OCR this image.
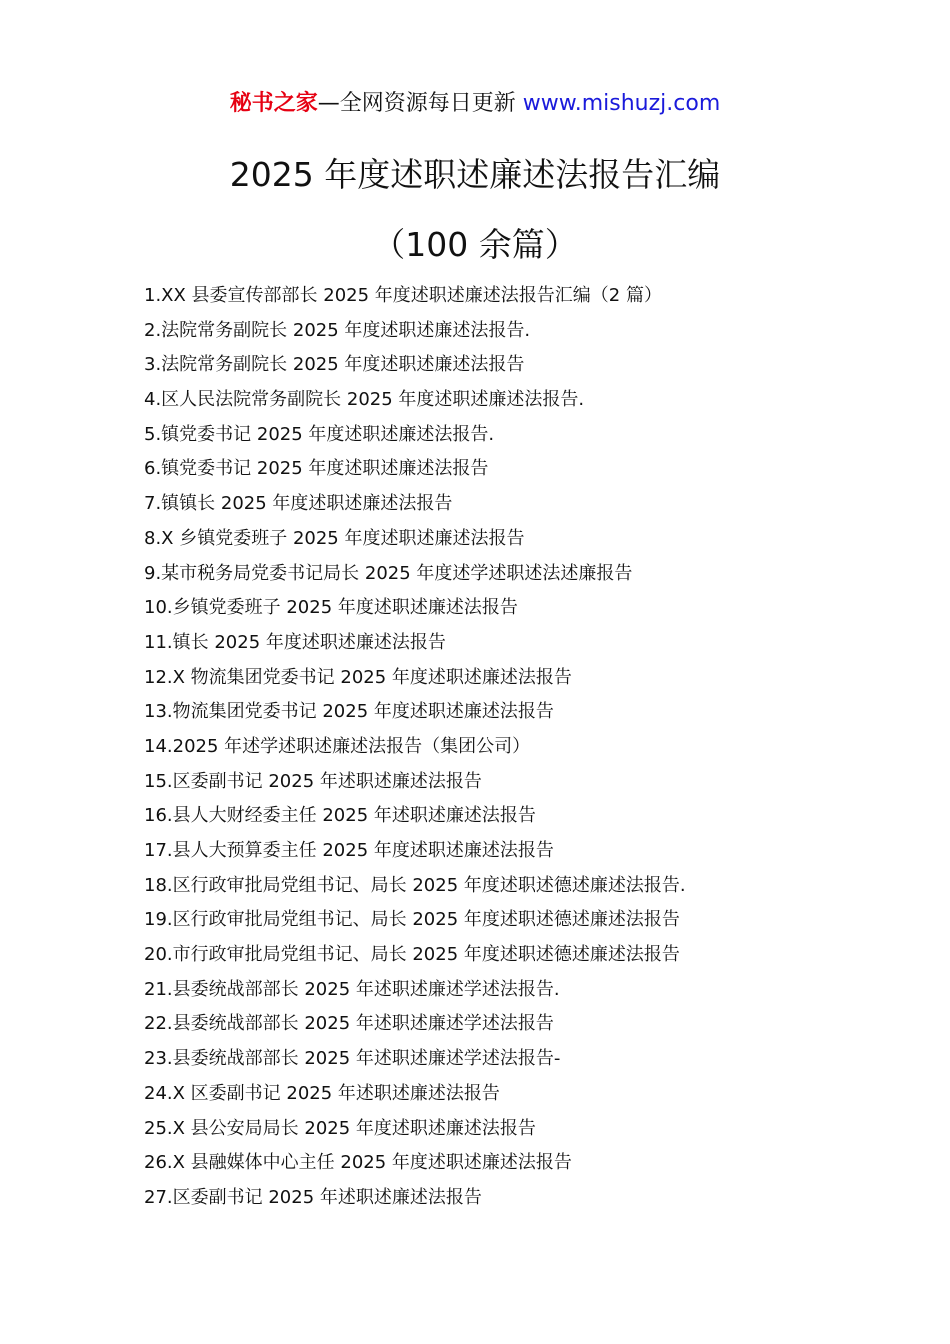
秘书之家—全网资源每日更新 www.mishuzj.com
2025 年度述职述廉述法报告汇编
（100 余篇）
1.XX 县委宣传部部长 2025 年度述职述廉述法报告汇编（2 篇）
2.法院常务副院长 2025 年度述职述廉述法报告.
3.法院常务副院长 2025 年度述职述廉述法报告
4.区人民法院常务副院长 2025 年度述职述廉述法报告.
5.镇党委书记 2025 年度述职述廉述法报告.
6.镇党委书记 2025 年度述职述廉述法报告
7.镇镇长 2025 年度述职述廉述法报告
8.X 乡镇党委班子 2025 年度述职述廉述法报告
9.某市税务局党委书记局长 2025 年度述学述职述法述廉报告
10.乡镇党委班子 2025 年度述职述廉述法报告
11.镇长 2025 年度述职述廉述法报告
12.X 物流集团党委书记 2025 年度述职述廉述法报告
13.物流集团党委书记 2025 年度述职述廉述法报告
14.2025 年述学述职述廉述法报告（集团公司）
15.区委副书记 2025 年述职述廉述法报告
16.县人大财经委主任 2025 年述职述廉述法报告
17.县人大预算委主任 2025 年度述职述廉述法报告
18.区行政审批局党组书记、局长 2025 年度述职述德述廉述法报告.
19.区行政审批局党组书记、局长 2025 年度述职述德述廉述法报告
20.市行政审批局党组书记、局长 2025 年度述职述德述廉述法报告
21.县委统战部部长 2025 年述职述廉述学述法报告.
22.县委统战部部长 2025 年述职述廉述学述法报告
23.县委统战部部长 2025 年述职述廉述学述法报告-
24.X 区委副书记 2025 年述职述廉述法报告
25.X 县公安局局长 2025 年度述职述廉述法报告
26.X 县融媒体中心主任 2025 年度述职述廉述法报告
27.区委副书记 2025 年述职述廉述法报告
